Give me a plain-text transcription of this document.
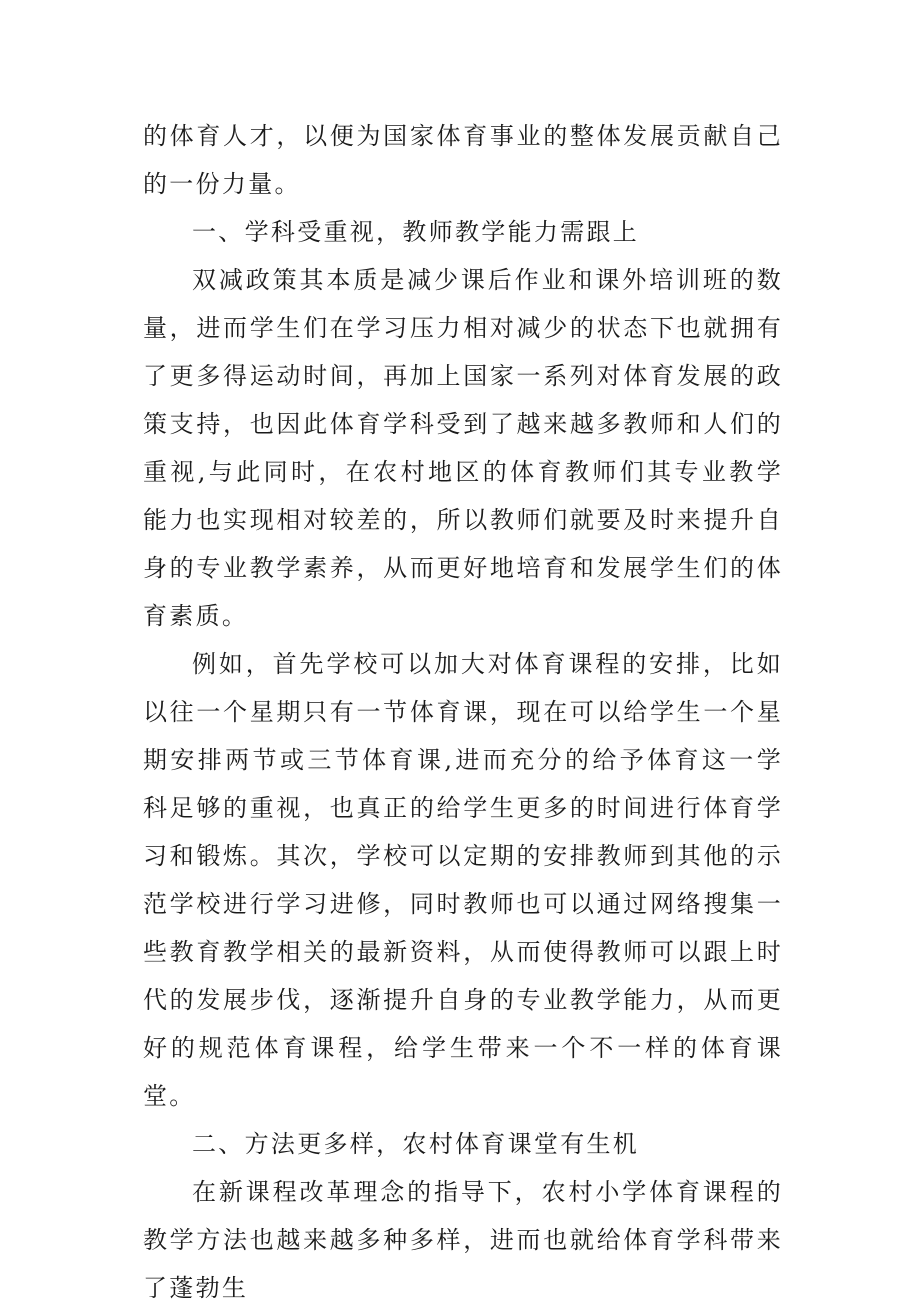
的体育人才，以便为国家体育事业的整体发展贡献自己的一份力量。

一、学科受重视，教师教学能力需跟上

双减政策其本质是减少课后作业和课外培训班的数量，进而学生们在学习压力相对减少的状态下也就拥有了更多得运动时间，再加上国家一系列对体育发展的政策支持，也因此体育学科受到了越来越多教师和人们的重视,与此同时，在农村地区的体育教师们其专业教学能力也实现相对较差的，所以教师们就要及时来提升自身的专业教学素养，从而更好地培育和发展学生们的体育素质。

例如，首先学校可以加大对体育课程的安排，比如以往一个星期只有一节体育课，现在可以给学生一个星期安排两节或三节体育课,进而充分的给予体育这一学科足够的重视，也真正的给学生更多的时间进行体育学习和锻炼。其次，学校可以定期的安排教师到其他的示范学校进行学习进修，同时教师也可以通过网络搜集一些教育教学相关的最新资料，从而使得教师可以跟上时代的发展步伐，逐渐提升自身的专业教学能力，从而更好的规范体育课程，给学生带来一个不一样的体育课堂。

二、方法更多样，农村体育课堂有生机

在新课程改革理念的指导下，农村小学体育课程的教学方法也越来越多种多样，进而也就给体育学科带来了蓬勃生
